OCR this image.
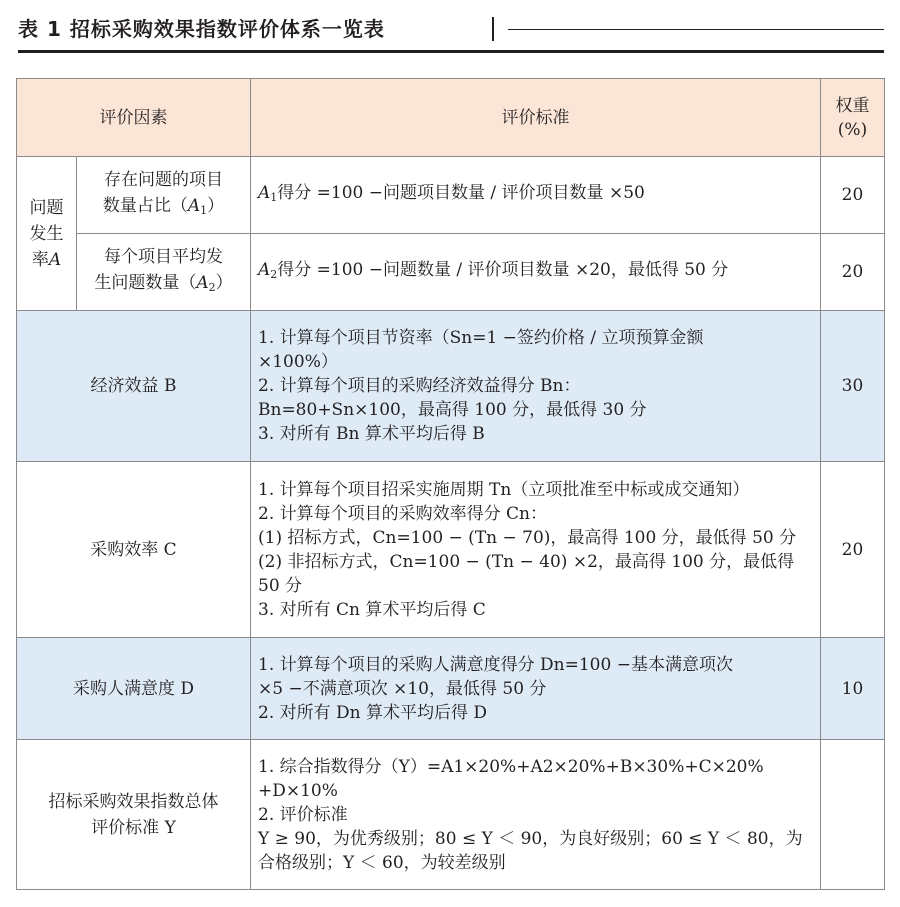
表 1 招标采购效果指数评价体系一览表
评价因素		评价标准	权重
(%)

问题
发生
率A	存在问题的项目
数量占比$(A_1)$	$A_1$得分 =100 −问题项目数量 / 评价项目数量 ×50	20

	每个项目平均发
生问题数量$(A_2)$	$A_2$得分 =100 −问题数量 / 评价项目数量 ×20，最低得 50 分	20
经济效益 B		1. 计算每个项目节资率（Sn=1 −签约价格 / 立项预算金额
×100%）
2. 计算每个项目的采购经济效益得分 Bn：
Bn=80+Sn×100，最高得 100 分，最低得 30 分
3. 对所有 Bn 算术平均后得 B	30
采购效率 C		1. 计算每个项目招采实施周期 Tn（立项批准至中标或成交通知）
2. 计算每个项目的采购效率得分 Cn：
(1) 招标方式，Cn=100 − (Tn − 70)，最高得 100 分，最低得 50 分
(2) 非招标方式，Cn=100 − (Tn − 40) ×2，最高得 100 分，最低得 50 分
3. 对所有 Cn 算术平均后得 C	20
采购人满意度 D		1. 计算每个项目的采购人满意度得分 Dn=100 −基本满意项次
×5 −不满意项次 ×10，最低得 50 分
2. 对所有 Dn 算术平均后得 D	10

招标采购效果指数总体
评价标准 Y		1. 综合指数得分（Y）=A1×20%+A2×20%+B×30%+C×20%
+D×10%
2. 评价标准
Y ≥ 90，为优秀级别；80 ≤ Y ＜ 90，为良好级别；60 ≤ Y ＜ 80，为合格级别；Y ＜ 60，为较差级别	
